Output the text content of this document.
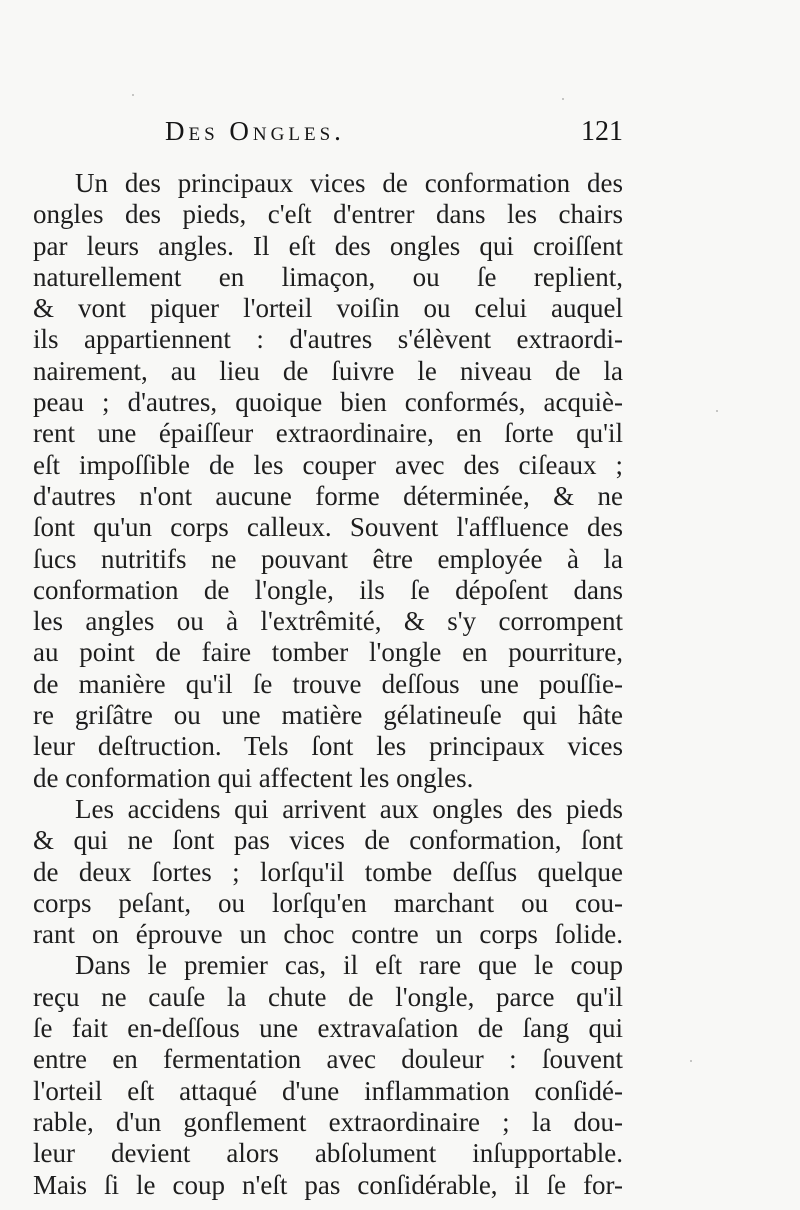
Des Ongles.	121
Un des principaux vices de conformation des
ongles des pieds, c'eſt d'entrer dans les chairs
par leurs angles. Il eſt des ongles qui croiſſent
naturellement en limaçon, ou ſe replient,
& vont piquer l'orteil voiſin ou celui auquel
ils appartiennent : d'autres s'élèvent extraordi-
nairement, au lieu de ſuivre le niveau de la
peau ; d'autres, quoique bien conformés, acquiè-
rent une épaiſſeur extraordinaire, en ſorte qu'il
eſt impoſſible de les couper avec des ciſeaux ;
d'autres n'ont aucune forme déterminée, & ne
ſont qu'un corps calleux. Souvent l'affluence des
ſucs nutritifs ne pouvant être employée à la
conformation de l'ongle, ils ſe dépoſent dans
les angles ou à l'extrêmité, & s'y corrompent
au point de faire tomber l'ongle en pourriture,
de manière qu'il ſe trouve deſſous une pouſſie-
re griſâtre ou une matière gélatineuſe qui hâte
leur deſtruction. Tels ſont les principaux vices
de conformation qui affectent les ongles.
Les accidens qui arrivent aux ongles des pieds
& qui ne ſont pas vices de conformation, ſont
de deux ſortes ; lorſqu'il tombe deſſus quelque
corps peſant, ou lorſqu'en marchant ou cou-
rant on éprouve un choc contre un corps ſolide.
Dans le premier cas, il eſt rare que le coup
reçu ne cauſe la chute de l'ongle, parce qu'il
ſe fait en-deſſous une extravaſation de ſang qui
entre en fermentation avec douleur : ſouvent
l'orteil eſt attaqué d'une inflammation conſidé-
rable, d'un gonflement extraordinaire ; la dou-
leur devient alors abſolument inſupportable.
Mais ſi le coup n'eſt pas conſidérable, il ſe for-
